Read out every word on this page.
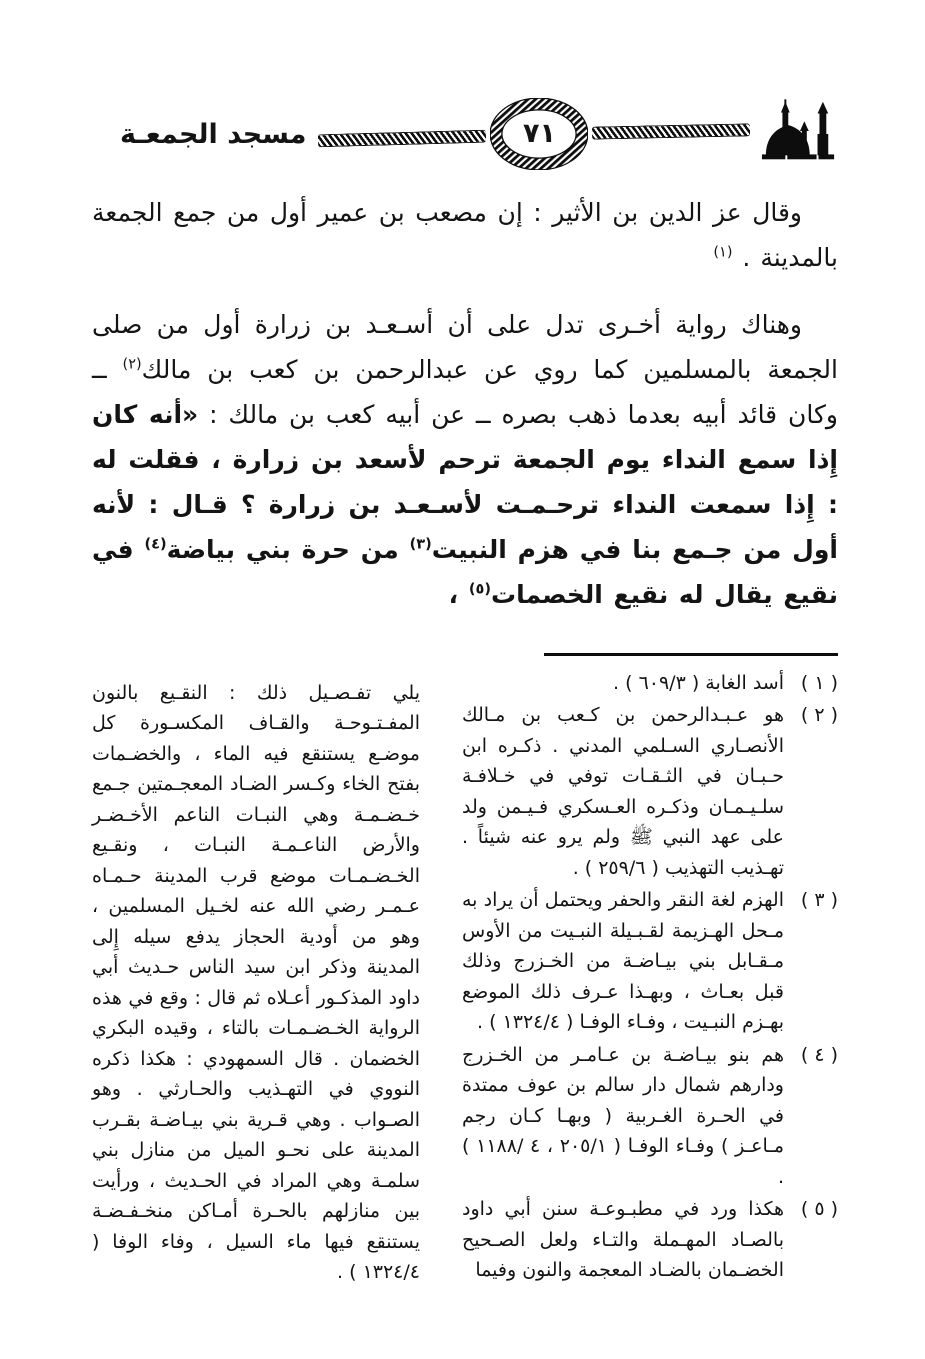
مسجد الجمعـة	٧١

وقال عز الدين بن الأثير : إن مصعب بن عمير أول من جمع الجمعة بالمدينة . $^{(١)}$

وهناك رواية أخـرى تدل على أن أسـعـد بن زرارة أول من صلى الجمعة بالمسلمين كما روي عن عبدالرحمن بن كعب بن مالك$^{(٢)}$ ــ وكان قائد أبيه بعدما ذهب بصره ــ عن أبيه كعب بن مالك : «أنه كان إِذا سمع النداء يوم الجمعة ترحم لأسعد بن زرارة ، فقلت له : إِذا سمعت النداء ترحـمـت لأسـعـد بن زرارة ؟ قـال : لأنه أول من جـمع بنا في هزم النبيت$^{(٣)}$ من حرة بني بياضة$^{(٤)}$ في نقيع يقال له نقيع الخصمات$^{(٥)}$ ،

( ١ )
أسد الغابة ( ٦٠٩/٣ ) .
( ٢ )
هو عـبـدالرحمن بن كـعب بن مـالك الأنصـاري السـلمي المدني . ذكـره ابن حـبـان في الثـقـات توفي في خـلافـة سلـيـمـان وذكـره العـسكري فـيـمن ولد على عهد النبي ﷺ ولم يرو عنه شيئاً . تهـذيب التهذيب ( ٢٥٩/٦ ) .
( ٣ )
الهزم لغة النقر والحفر ويحتمل أن يراد به مـحل الهـزيمة لقـبـيلة النبـيت من الأوس مـقـابل بني بيـاضـة من الخـزرج وذلك قبل بعـاث ، وبهـذا عـرف ذلك الموضع بهـزم النبـيت ، وفـاء الوفـا ( ١٣٢٤/٤ ) .
( ٤ )
هم بنو بيـاضـة بن عـامـر من الخـزرج ودارهم شمال دار سالم بن عوف ممتدة في الحـرة الغـربية ( وبهـا كـان رجم مـاعـز ) وفـاء الوفـا ( ٢٠٥/١ ، ٤ /١١٨٨ ) .
( ٥ )
هكذا ورد في مطبـوعـة سنن أبي داود بالصـاد المهـملة والتـاء ولعل الصـحيح الخضـمان بالضـاد المعجمة والنون وفيما
يلي تفـصـيل ذلك : النقـيع بالنون المفـتـوحـة والقـاف المكسـورة كل موضـع يستنقع فيه الماء ، والخضـمات بفتح الخاء وكـسر الضـاد المعجـمتين جـمع خـضـمـة وهي النبـات الناعم الأخـضـر والأرض الناعـمـة النبـات ، ونقـيع الخـضـمـات موضع قرب المدينة حـمـاه عـمـر رضي الله عنه لخـيل المسلمين ، وهو من أودية الحجاز يدفع سيله إِلى المدينة وذكر ابن سيد الناس حـديث أبي داود المذكـور أعـلاه ثم قال : وقع في هذه الرواية الخـضـمـات بالتاء ، وقيده البكري الخضمان . قال السمهودي : هكذا ذكره النووي في التهـذيب والحـارثي . وهو الصـواب . وهي قـرية بني بيـاضـة بقـرب المدينة على نحـو الميل من منازل بني سلمـة وهي المراد في الحـديث ، ورأيت بين منازلهم بالحـرة أمـاكن منخـفـضـة يستنقع فيها ماء السيل ، وفاء الوفا ( ١٣٢٤/٤ ) .
